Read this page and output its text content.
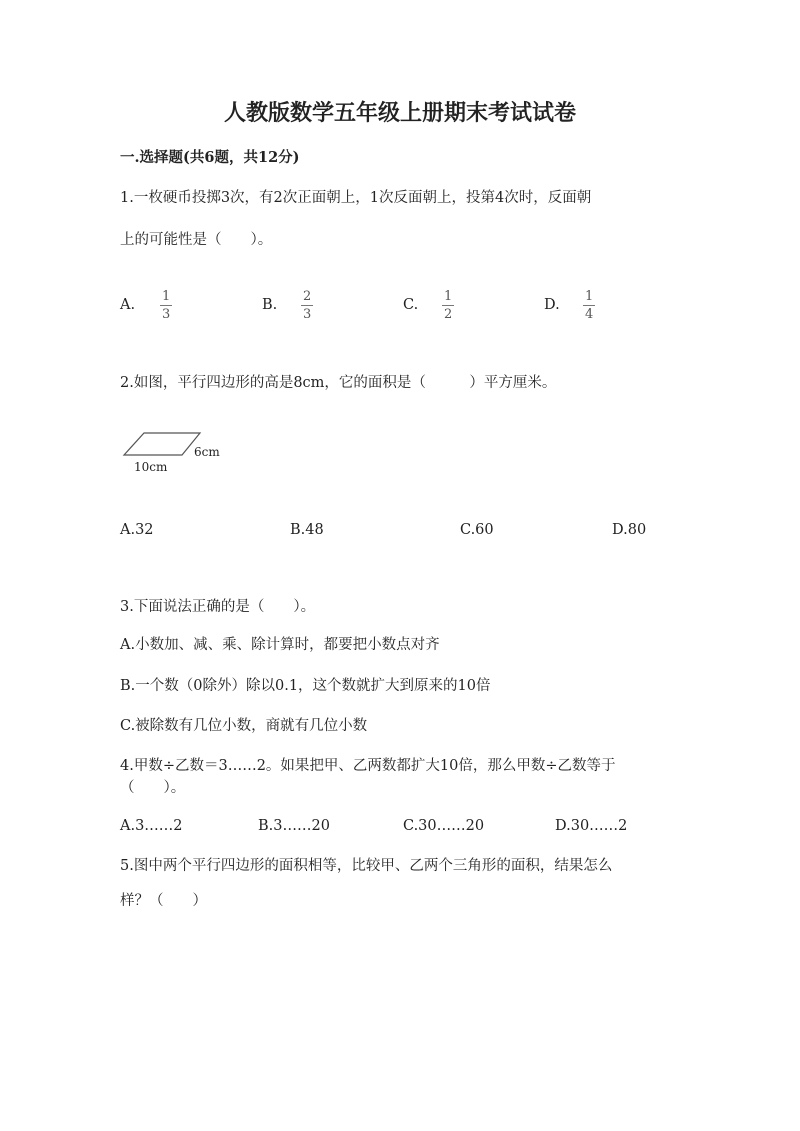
人教版数学五年级上册期末考试试卷
一.选择题(共6题，共12分)
1.一枚硬币投掷3次，有2次正面朝上，1次反面朝上，投第4次时，反面朝
上的可能性是（　　）。
A. $\frac{1}{3}$	B. $\frac{2}{3}$	C. $\frac{1}{2}$	D. $\frac{1}{4}$
2.如图，平行四边形的高是8cm，它的面积是（　　　）平方厘米。
6cm
10cm
A.32	B.48	C.60	D.80
3.下面说法正确的是（　　）。
A.小数加、减、乘、除计算时，都要把小数点对齐
B.一个数（0除外）除以0.1，这个数就扩大到原来的10倍
C.被除数有几位小数，商就有几位小数
4.甲数÷乙数＝3……2。如果把甲、乙两数都扩大10倍，那么甲数÷乙数等于
（　　）。
A.3……2	B.3……20	C.30……20	D.30……2
5.图中两个平行四边形的面积相等，比较甲、乙两个三角形的面积，结果怎么
样？（　　）
